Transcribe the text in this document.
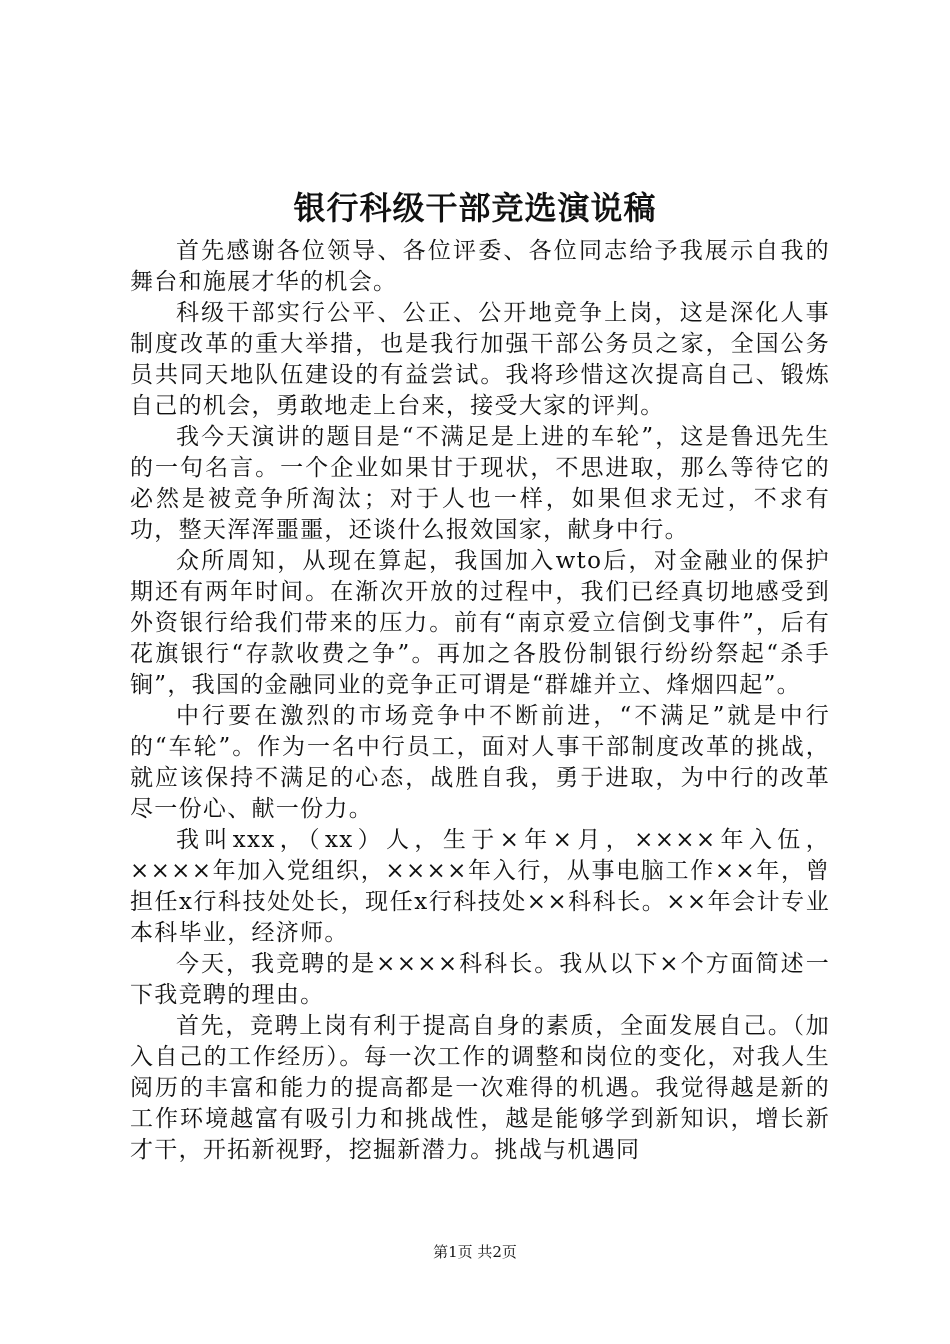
银行科级干部竞选演说稿

首先感谢各位领导、各位评委、各位同志给予我展示自我的舞台和施展才华的机会。

科级干部实行公平、公正、公开地竞争上岗，这是深化人事制度改革的重大举措，也是我行加强干部公务员之家，全国公务员共同天地队伍建设的有益尝试。我将珍惜这次提高自己、锻炼自己的机会，勇敢地走上台来，接受大家的评判。

我今天演讲的题目是“不满足是上进的车轮”，这是鲁迅先生的一句名言。一个企业如果甘于现状，不思进取，那么等待它的必然是被竞争所淘汰；对于人也一样，如果但求无过，不求有功，整天浑浑噩噩，还谈什么报效国家，献身中行。

众所周知，从现在算起，我国加入wto后，对金融业的保护期还有两年时间。在渐次开放的过程中，我们已经真切地感受到外资银行给我们带来的压力。前有“南京爱立信倒戈事件”，后有花旗银行“存款收费之争”。再加之各股份制银行纷纷祭起“杀手锏”，我国的金融同业的竞争正可谓是“群雄并立、烽烟四起”。

中行要在激烈的市场竞争中不断前进，“不满足”就是中行的“车轮”。作为一名中行员工，面对人事干部制度改革的挑战，就应该保持不满足的心态，战胜自我，勇于进取，为中行的改革尽一份心、献一份力。

我叫xxx，（xx）人，生于×年×月，××××年入伍，××××年加入党组织，××××年入行，从事电脑工作××年，曾担任x行科技处处长，现任x行科技处××科科长。××年会计专业本科毕业，经济师。

今天，我竞聘的是××××科科长。我从以下×个方面简述一下我竞聘的理由。

首先，竞聘上岗有利于提高自身的素质，全面发展自己。（加入自己的工作经历）。每一次工作的调整和岗位的变化，对我人生阅历的丰富和能力的提高都是一次难得的机遇。我觉得越是新的工作环境越富有吸引力和挑战性，越是能够学到新知识，增长新才干，开拓新视野，挖掘新潜力。挑战与机遇同

第1页 共2页
